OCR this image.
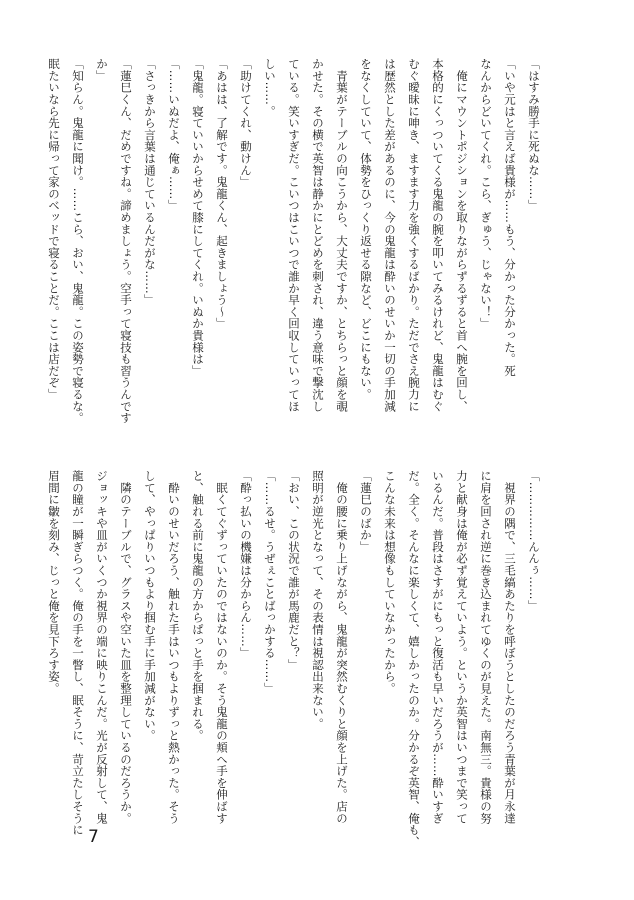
「はすみ勝手に死ぬな……」
「いや元はと言えば貴様が……もう、分かった分かった。死
なんからどいてくれ。こら、ぎゅう、じゃない！」
　俺にマウントポジションを取りながらずるずると首へ腕を回し、
本格的にくっついてくる鬼龍の腕を叩いてみるけれど、鬼龍はむぐ
むぐ曖昧に呻き、ますます力を強くするばかり。ただでさえ腕力に
は歴然とした差があるのに、今の鬼龍は酔いのせいか一切の手加減
をなくしていて、体勢をひっくり返せる隙など、どこにもない。
　青葉がテーブルの向こうから、大丈夫ですか、とちらっと顔を覗
かせた。その横で英智は静かにとどめを刺され、違う意味で撃沈し
ている。笑いすぎだ。こいつはこいつで誰か早く回収していってほ
しい……。
「助けてくれ、動けん」
「あはは、了解です。鬼龍くん、起きましょう〜」
「鬼龍。寝ていいからせめて膝にしてくれ。いぬか貴様は」
「……いぬだよ、俺ぁ……」
「さっきから言葉は通じているんだがな……」
「蓮巳くん、だめですね。諦めましょう。空手って寝技も習うんです
か」
「知らん。鬼龍に聞け。……こら、おい、鬼龍。この姿勢で寝るな。
眠たいなら先に帰って家のベッドで寝ることだ。ここは店だぞ」
「……………んんぅ……」
　視界の隅で、三毛縞あたりを呼ぼうとしたのだろう青葉が月永達
に肩を回され逆に巻き込まれてゆくのが見えた。南無三。貴様の努
力と献身は俺が必ず覚えていよう。というか英智はいつまで笑って
いるんだ。普段はさすがにもっと復活も早いだろうが……酔いすぎ
だ。全く。そんなに楽しくて、嬉しかったのか。分かるぞ英智、俺も、
こんな未来は想像もしていなかったから。
「蓮巳のばか」
　俺の腰に乗り上げながら、鬼龍が突然むくりと顔を上げた。店の
照明が逆光となって、その表情は視認出来ない。
「おい、この状況で誰が馬鹿だと？」
「……るせ。うぜぇことばっかする……」
「酔っ払いの機嫌は分からん……」
　眠くてぐずっていたのではないのか。そう鬼龍の頬へ手を伸ばす
と、触れる前に鬼龍の方からぱっと手を掴まれる。
　酔いのせいだろう、触れた手はいつもよりずっと熱かった。そう
して、やっぱりいつもより掴む手に手加減がない。
　隣のテーブルで、グラスや空いた皿を整理しているのだろうか。
ジョッキや皿がいくつか視界の端に映りこんだ。光が反射して、鬼
龍の瞳が一瞬ぎらつく。俺の手を一瞥し、眠そうに、苛立たしそうに
眉間に皺を刻み、じっと俺を見下ろす姿。
7
